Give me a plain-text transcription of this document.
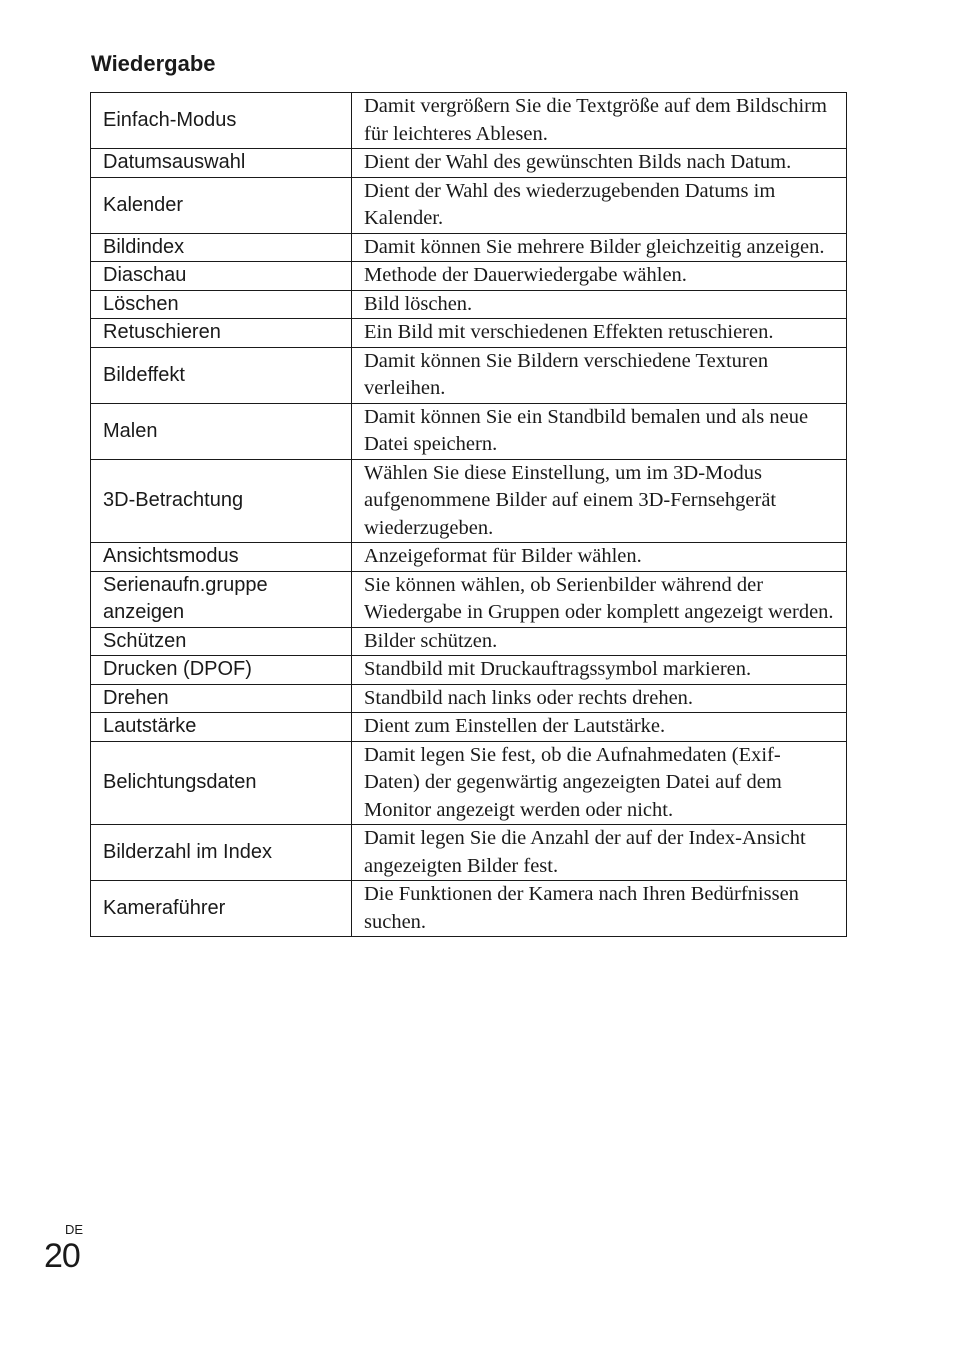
Wiedergabe
Einfach-Modus	Damit vergrößern Sie die Textgröße auf dem Bildschirm für leichteres Ablesen.
Datumsauswahl	Dient der Wahl des gewünschten Bilds nach Datum.
Kalender	Dient der Wahl des wiederzugebenden Datums im Kalender.
Bildindex	Damit können Sie mehrere Bilder gleichzeitig anzeigen.
Diaschau	Methode der Dauerwiedergabe wählen.
Löschen	Bild löschen.
Retuschieren	Ein Bild mit verschiedenen Effekten retuschieren.
Bildeffekt	Damit können Sie Bildern verschiedene Texturen verleihen.
Malen	Damit können Sie ein Standbild bemalen und als neue Datei speichern.
3D-Betrachtung	Wählen Sie diese Einstellung, um im 3D-Modus aufgenommene Bilder auf einem 3D-Fernsehgerät wiederzugeben.
Ansichtsmodus	Anzeigeformat für Bilder wählen.
Serienaufn.gruppe anzeigen	Sie können wählen, ob Serienbilder während der Wiedergabe in Gruppen oder komplett angezeigt werden.
Schützen	Bilder schützen.
Drucken (DPOF)	Standbild mit Druckauftragssymbol markieren.
Drehen	Standbild nach links oder rechts drehen.
Lautstärke	Dient zum Einstellen der Lautstärke.
Belichtungsdaten	Damit legen Sie fest, ob die Aufnahmedaten (Exif-Daten) der gegenwärtig angezeigten Datei auf dem Monitor angezeigt werden oder nicht.
Bilderzahl im Index	Damit legen Sie die Anzahl der auf der Index-Ansicht angezeigten Bilder fest.
Kameraführer	Die Funktionen der Kamera nach Ihren Bedürfnissen suchen.
DE
20
